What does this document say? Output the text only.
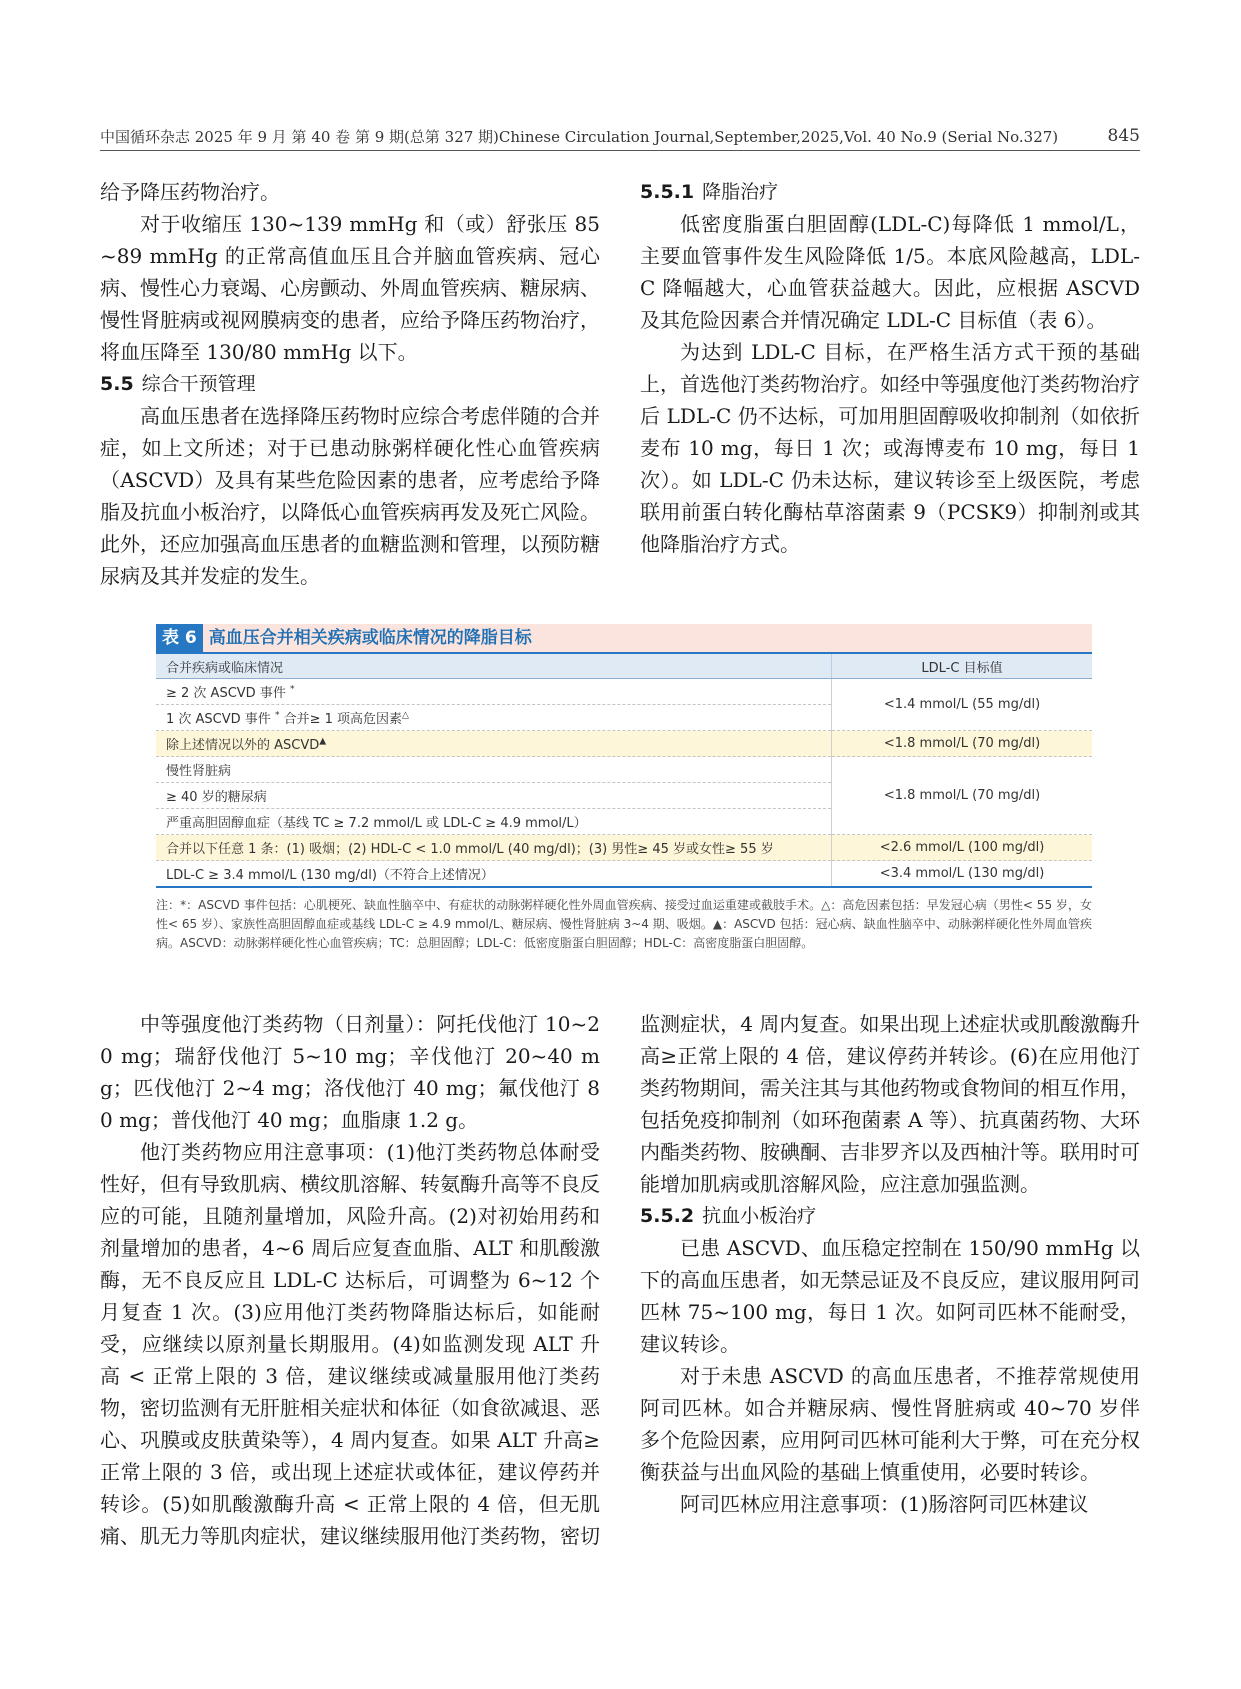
中国循环杂志 2025 年 9 月 第 40 卷 第 9 期(总第 327 期)Chinese Circulation Journal,September,2025,Vol. 40 No.9 (Serial No.327)	845

给予降压药物治疗。

对于收缩压 130~139 mmHg 和（或）舒张压 85~89 mmHg 的正常高值血压且合并脑血管疾病、冠心病、慢性心力衰竭、心房颤动、外周血管疾病、糖尿病、慢性肾脏病或视网膜病变的患者，应给予降压药物治疗，将血压降至 130/80 mmHg 以下。

5.5 综合干预管理

高血压患者在选择降压药物时应综合考虑伴随的合并症，如上文所述；对于已患动脉粥样硬化性心血管疾病（ASCVD）及具有某些危险因素的患者，应考虑给予降脂及抗血小板治疗，以降低心血管疾病再发及死亡风险。此外，还应加强高血压患者的血糖监测和管理，以预防糖尿病及其并发症的发生。

5.5.1 降脂治疗

低密度脂蛋白胆固醇(LDL-C)每降低 1 mmol/L，主要血管事件发生风险降低 1/5。本底风险越高，LDL-C 降幅越大，心血管获益越大。因此，应根据 ASCVD 及其危险因素合并情况确定 LDL-C 目标值（表 6）。

为达到 LDL-C 目标，在严格生活方式干预的基础上，首选他汀类药物治疗。如经中等强度他汀类药物治疗后 LDL-C 仍不达标，可加用胆固醇吸收抑制剂（如依折麦布 10 mg，每日 1 次；或海博麦布 10 mg，每日 1 次）。如 LDL-C 仍未达标，建议转诊至上级医院，考虑联用前蛋白转化酶枯草溶菌素 9（PCSK9）抑制剂或其他降脂治疗方式。

表 6 高血压合并相关疾病或临床情况的降脂目标
合并疾病或临床情况	LDL-C 目标值
≥ 2 次 ASCVD 事件 *	<1.4 mmol/L (55 mg/dl)
1 次 ASCVD 事件 * 合并≥ 1 项高危因素△
除上述情况以外的 ASCVD▲	<1.8 mmol/L (70 mg/dl)
慢性肾脏病	<1.8 mmol/L (70 mg/dl)
≥ 40 岁的糖尿病	
严重高胆固醇血症（基线 TC ≥ 7.2 mmol/L 或 LDL-C ≥ 4.9 mmol/L）	
合并以下任意 1 条：(1) 吸烟；(2) HDL-C < 1.0 mmol/L (40 mg/dl)；(3) 男性≥ 45 岁或女性≥ 55 岁	<2.6 mmol/L (100 mg/dl)
LDL-C ≥ 3.4 mmol/L (130 mg/dl)（不符合上述情况）	<3.4 mmol/L (130 mg/dl)

注：*：ASCVD 事件包括：心肌梗死、缺血性脑卒中、有症状的动脉粥样硬化性外周血管疾病、接受过血运重建或截肢手术。△：高危因素包括：早发冠心病（男性< 55 岁，女性< 65 岁）、家族性高胆固醇血症或基线 LDL-C ≥ 4.9 mmol/L、糖尿病、慢性肾脏病 3~4 期、吸烟。▲：ASCVD 包括：冠心病、缺血性脑卒中、动脉粥样硬化性外周血管疾病。ASCVD：动脉粥样硬化性心血管疾病；TC：总胆固醇；LDL-C：低密度脂蛋白胆固醇；HDL-C：高密度脂蛋白胆固醇。

中等强度他汀类药物（日剂量）：阿托伐他汀 10~20 mg；瑞舒伐他汀 5~10 mg；辛伐他汀 20~40 mg；匹伐他汀 2~4 mg；洛伐他汀 40 mg；氟伐他汀 80 mg；普伐他汀 40 mg；血脂康 1.2 g。

他汀类药物应用注意事项：(1)他汀类药物总体耐受性好，但有导致肌病、横纹肌溶解、转氨酶升高等不良反应的可能，且随剂量增加，风险升高。(2)对初始用药和剂量增加的患者，4~6 周后应复查血脂、ALT 和肌酸激酶，无不良反应且 LDL-C 达标后，可调整为 6~12 个月复查 1 次。(3)应用他汀类药物降脂达标后，如能耐受，应继续以原剂量长期服用。(4)如监测发现 ALT 升高 < 正常上限的 3 倍，建议继续或减量服用他汀类药物，密切监测有无肝脏相关症状和体征（如食欲减退、恶心、巩膜或皮肤黄染等），4 周内复查。如果 ALT 升高≥正常上限的 3 倍，或出现上述症状或体征，建议停药并转诊。(5)如肌酸激酶升高 < 正常上限的 4 倍，但无肌痛、肌无力等肌肉症状，建议继续服用他汀类药物，密切

监测症状，4 周内复查。如果出现上述症状或肌酸激酶升高≥正常上限的 4 倍，建议停药并转诊。(6)在应用他汀类药物期间，需关注其与其他药物或食物间的相互作用，包括免疫抑制剂（如环孢菌素 A 等）、抗真菌药物、大环内酯类药物、胺碘酮、吉非罗齐以及西柚汁等。联用时可能增加肌病或肌溶解风险，应注意加强监测。

5.5.2 抗血小板治疗

已患 ASCVD、血压稳定控制在 150/90 mmHg 以下的高血压患者，如无禁忌证及不良反应，建议服用阿司匹林 75~100 mg，每日 1 次。如阿司匹林不能耐受，建议转诊。

对于未患 ASCVD 的高血压患者，不推荐常规使用阿司匹林。如合并糖尿病、慢性肾脏病或 40~70 岁伴多个危险因素，应用阿司匹林可能利大于弊，可在充分权衡获益与出血风险的基础上慎重使用，必要时转诊。

阿司匹林应用注意事项：(1)肠溶阿司匹林建议
